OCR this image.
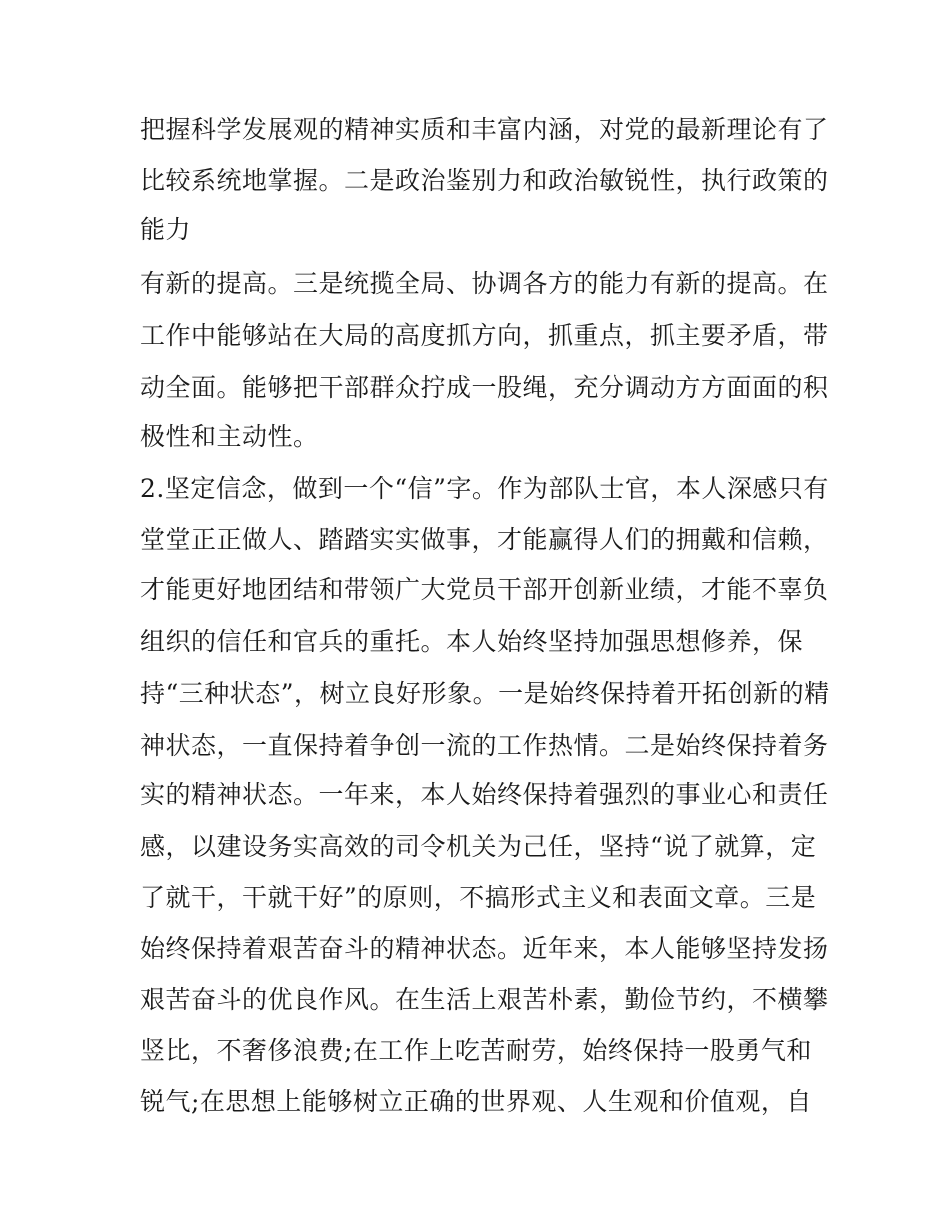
把握科学发展观的精神实质和丰富内涵，对党的最新理论有了
比较系统地掌握。二是政治鉴别力和政治敏锐性，执行政策的
能力
有新的提高。三是统揽全局、协调各方的能力有新的提高。在
工作中能够站在大局的高度抓方向，抓重点，抓主要矛盾，带
动全面。能够把干部群众拧成一股绳，充分调动方方面面的积
极性和主动性。
2.坚定信念，做到一个“信”字。作为部队士官，本人深感只有
堂堂正正做人、踏踏实实做事，才能赢得人们的拥戴和信赖，
才能更好地团结和带领广大党员干部开创新业绩，才能不辜负
组织的信任和官兵的重托。本人始终坚持加强思想修养，保
持“三种状态”，树立良好形象。一是始终保持着开拓创新的精
神状态，一直保持着争创一流的工作热情。二是始终保持着务
实的精神状态。一年来，本人始终保持着强烈的事业心和责任
感，以建设务实高效的司令机关为己任，坚持“说了就算，定
了就干，干就干好”的原则，不搞形式主义和表面文章。三是
始终保持着艰苦奋斗的精神状态。近年来，本人能够坚持发扬
艰苦奋斗的优良作风。在生活上艰苦朴素，勤俭节约，不横攀
竖比，不奢侈浪费;在工作上吃苦耐劳，始终保持一股勇气和
锐气;在思想上能够树立正确的世界观、人生观和价值观，自
